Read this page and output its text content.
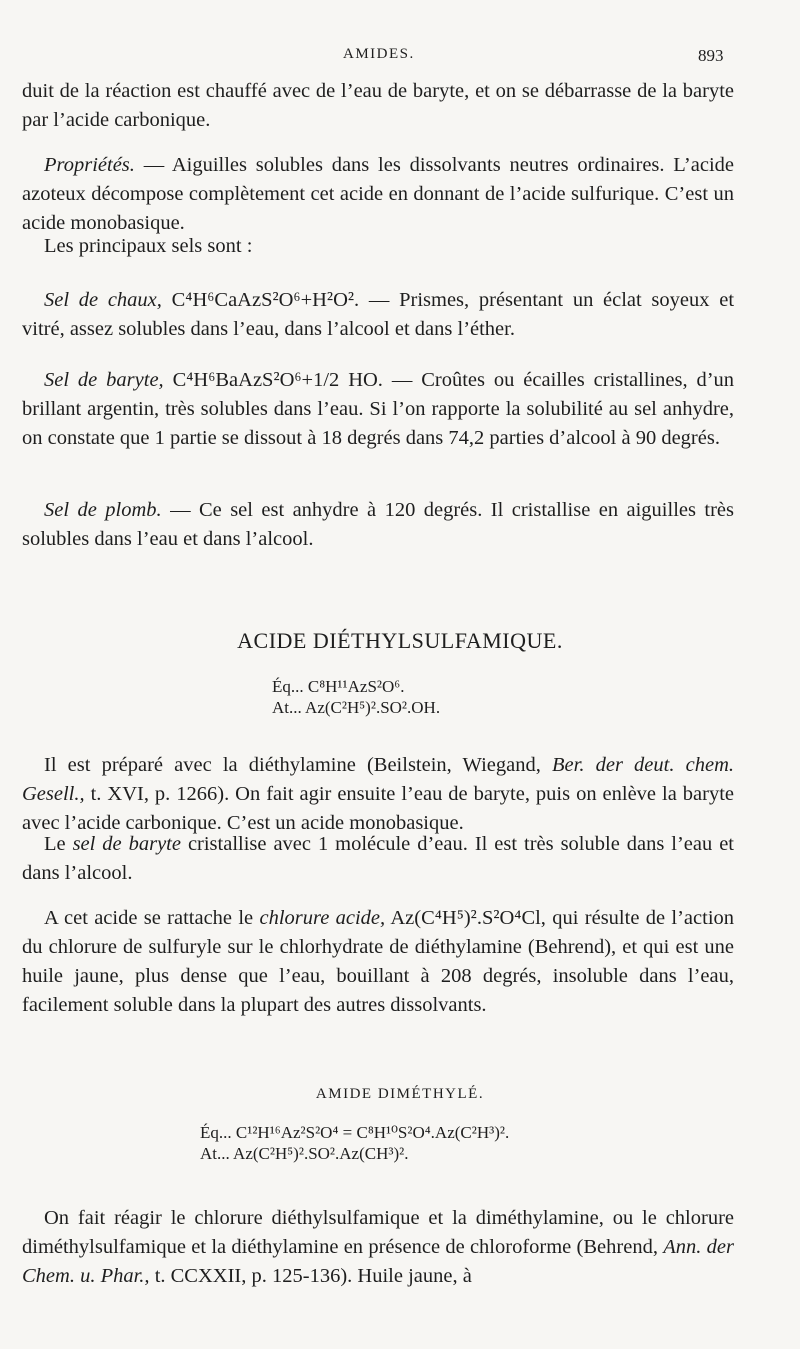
AMIDES.	893

duit de la réaction est chauffé avec de l’eau de baryte, et on se débarrasse de la baryte par l’acide carbonique.

Propriétés. — Aiguilles solubles dans les dissolvants neutres ordinaires. L’acide azoteux décompose complètement cet acide en donnant de l’acide sulfurique. C’est un acide monobasique.

Les principaux sels sont :

Sel de chaux, C⁴H⁶CaAzS²O⁶+H²O². — Prismes, présentant un éclat soyeux et vitré, assez solubles dans l’eau, dans l’alcool et dans l’éther.

Sel de baryte, C⁴H⁶BaAzS²O⁶+1/2 HO. — Croûtes ou écailles cristallines, d’un brillant argentin, très solubles dans l’eau. Si l’on rapporte la solubilité au sel anhydre, on constate que 1 partie se dissout à 18 degrés dans 74,2 parties d’alcool à 90 degrés.

Sel de plomb. — Ce sel est anhydre à 120 degrés. Il cristallise en aiguilles très solubles dans l’eau et dans l’alcool.

ACIDE DIÉTHYLSULFAMIQUE.

Éq... C⁸H¹¹AzS²O⁶.
At... Az(C²H⁵)².SO².OH.

Il est préparé avec la diéthylamine (Beilstein, Wiegand, Ber. der deut. chem. Gesell., t. XVI, p. 1266). On fait agir ensuite l’eau de baryte, puis on enlève la baryte avec l’acide carbonique. C’est un acide monobasique.

Le sel de baryte cristallise avec 1 molécule d’eau. Il est très soluble dans l’eau et dans l’alcool.

A cet acide se rattache le chlorure acide, Az(C⁴H⁵)².S²O⁴Cl, qui résulte de l’action du chlorure de sulfuryle sur le chlorhydrate de diéthylamine (Behrend), et qui est une huile jaune, plus dense que l’eau, bouillant à 208 degrés, insoluble dans l’eau, facilement soluble dans la plupart des autres dissolvants.

AMIDE DIMÉTHYLÉ.

Éq... C¹²H¹⁶Az²S²O⁴ = C⁸H¹⁰S²O⁴.Az(C²H³)².
At... Az(C²H⁵)².SO².Az(CH³)².

On fait réagir le chlorure diéthylsulfamique et la diméthylamine, ou le chlorure diméthylsulfamique et la diéthylamine en présence de chloroforme (Behrend, Ann. der Chem. u. Phar., t. CCXXII, p. 125-136). Huile jaune, à
